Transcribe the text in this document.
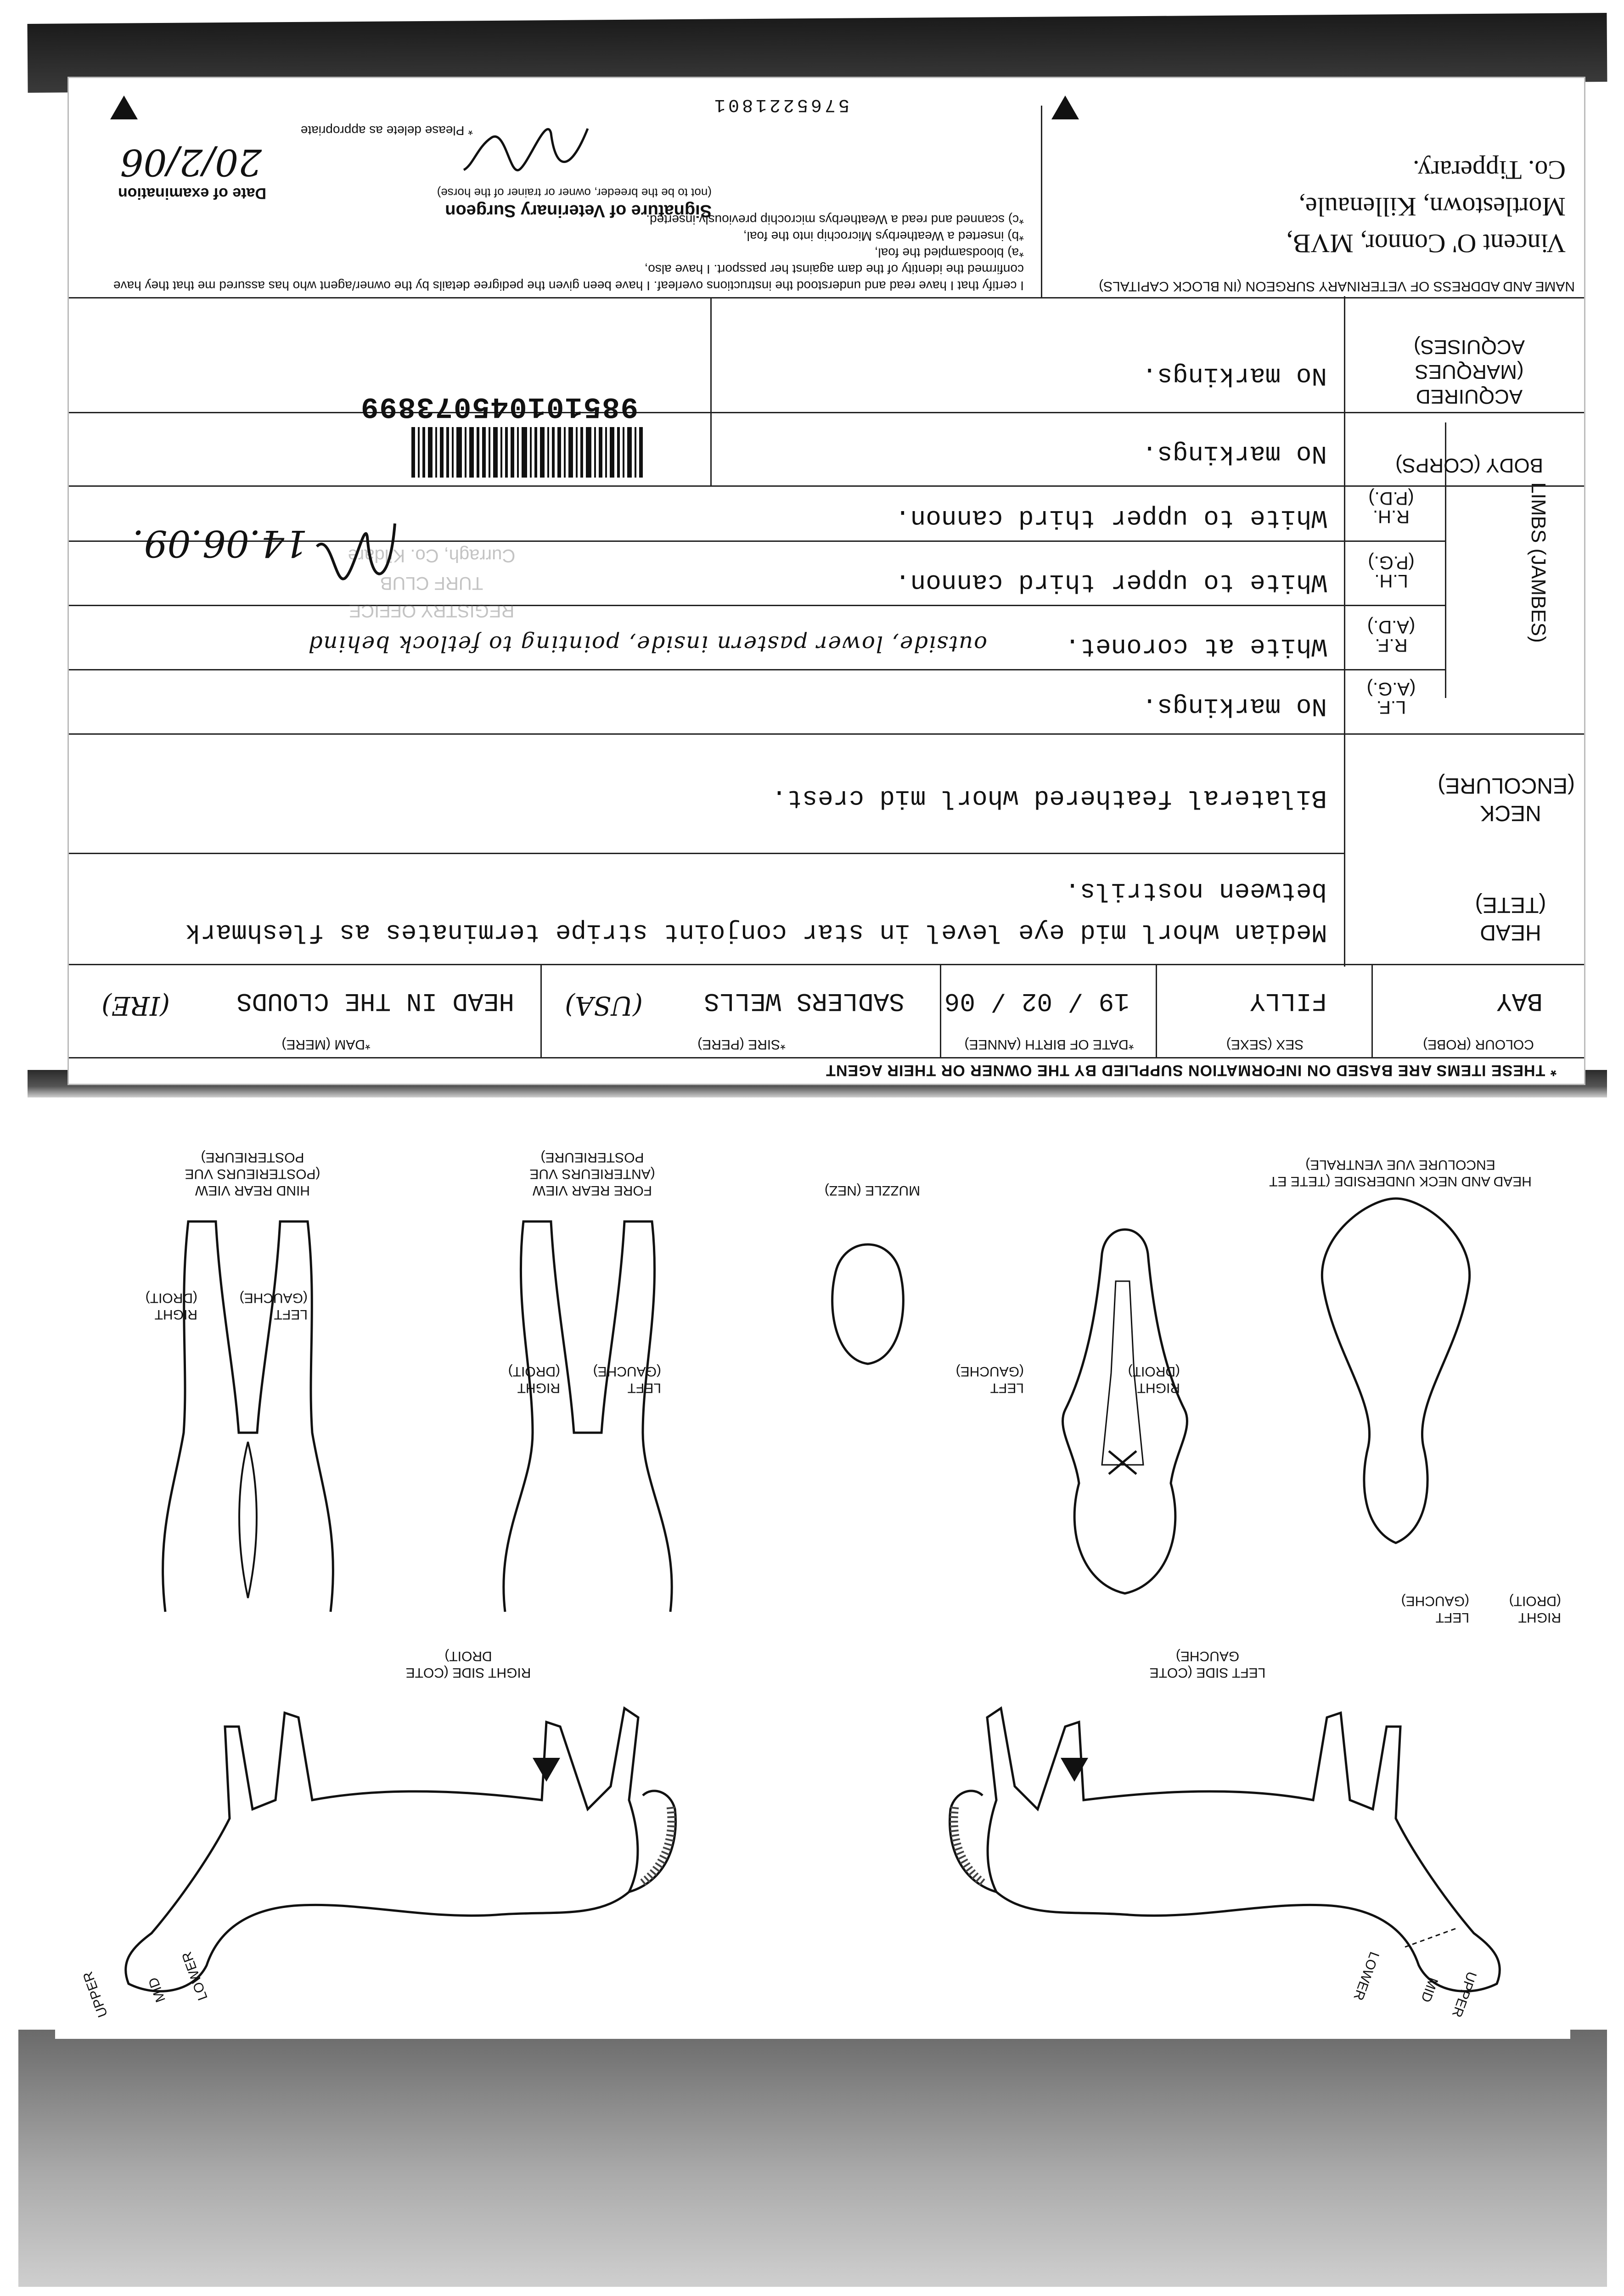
* THESE ITEMS ARE BASED ON INFORMATION SUPPLIED BY THE OWNER OR THEIR AGENT
COLOUR (ROBE)
BAY
SEX (SEXE)
FILLY
*DATE OF BIRTH (ANNEE)
19 / 02 / 06
*SIRE (PERE)
SADLERS WELLS
(USA)
*DAM (MERE)
HEAD IN THE CLOUDS
(IRE)
HEAD (TETE)
Median whorl mid eye level in star conjoint stripe terminates as fleshmark between nostrils.
NECK (ENCOLURE)
Bilateral feathered whorl mid crest.
LIMBS (JAMBES)
L.F. (A.G.)
No markings.
R.F. (A.D.)
White at coronet.
outside, lower pastern inside, pointing to fetlock behind
L.H. (P.G.)
White to upper third cannon.
R.H. (P.D.)
White to upper third cannon.
BODY (CORPS)
No markings.
ACQUIRED (MARQUES ACQUISES)
No markings.
NAME AND ADDRESS OF VETERINARY SURGEON (IN BLOCK CAPITALS)
Vincent O' Connor, MVB,
Mortlestown, Killenaule,
Co. Tipperary.
I certify that I have read and understood the instructions overleaf. I have been given the pedigree details by the owner/agent who has assured me that they have confirmed the identity of the dam against her passport. I have also,
*a) bloodsampled the foal,
*b) inserted a Weatherbys Microchip into the foal,
*c) scanned and read a Weatherbys microchip previously inserted.
Date of examination
20/2/06
Signature of Veterinary Surgeon
(not to be the breeder, owner or trainer of the horse)
* Please delete as appropriate
5765221801
985101045073899
REGISTRY OFFICE
TURF CLUB
Curragh, Co. Kildare
14.06.09.
HEAD AND NECK UNDERSIDE (TETE ET ENCOLURE VUE VENTRALE)
MUZZLE (NEZ)
FORE REAR VIEW (ANTERIEURS VUE POSTERIEURE)
HIND REAR VIEW (POSTERIEURS VUE POSTERIEURE)
RIGHT (DROIT)
LEFT (GAUCHE)
RIGHT (DROIT)
LEFT (GAUCHE)
LEFT (GAUCHE)
RIGHT (DROIT)
LEFT (GAUCHE)
RIGHT (DROIT)
LEFT SIDE (COTE GAUCHE)
RIGHT SIDE (COTE DROIT)
UPPER
MID
LOWER
UPPER	MID LOWER
